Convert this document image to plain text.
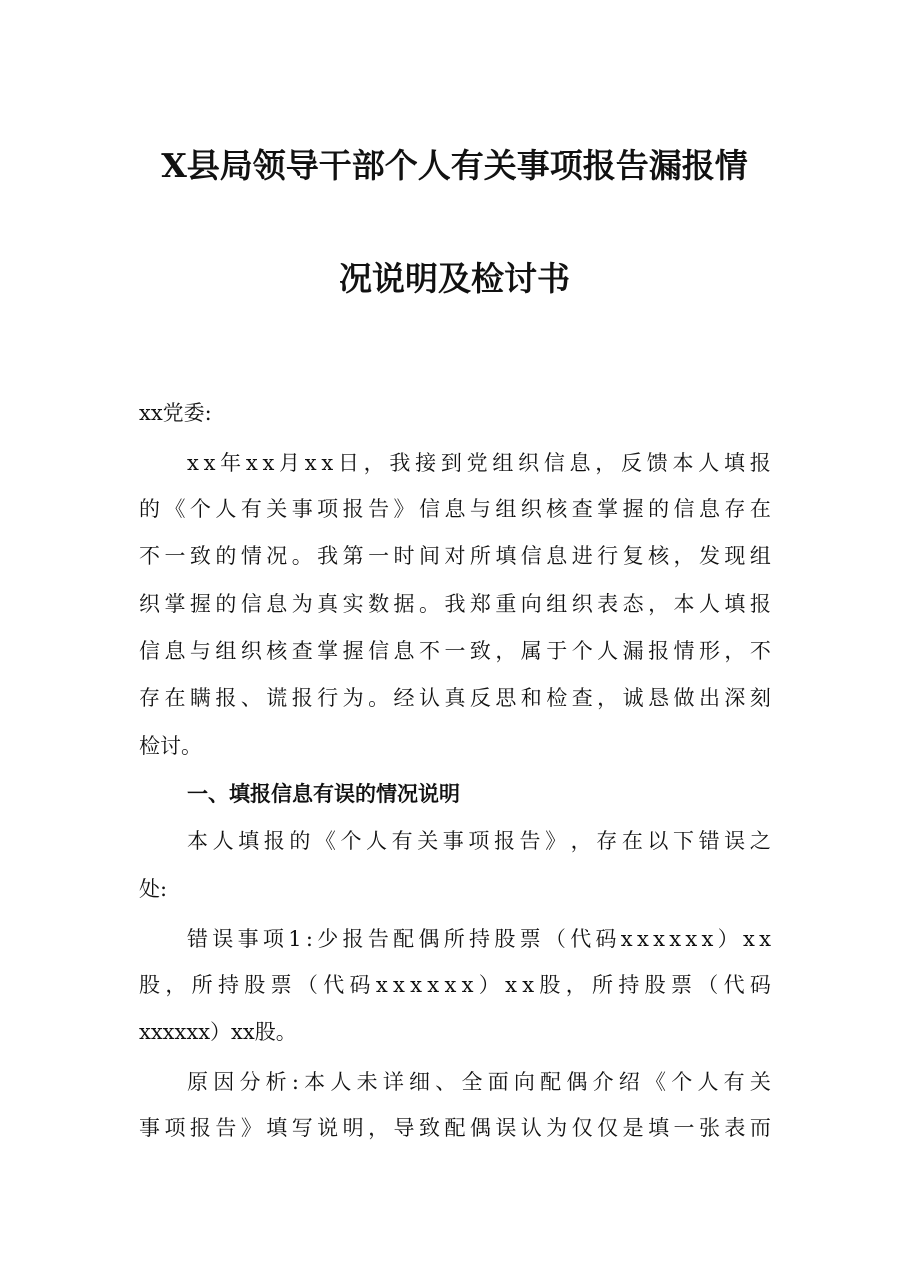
X县局领导干部个人有关事项报告漏报情
况说明及检讨书
xx党委:
x x 年 x x 月 x x 日 ， 我 接 到 党 组 织 信 息 ， 反 馈 本 人 填 报
的 《 个 人 有 关 事 项 报 告 》 信 息 与 组 织 核 查 掌 握 的 信 息 存 在
不 一 致 的 情 况 。 我 第 一 时 间 对 所 填 信 息 进 行 复 核 ， 发 现 组
织 掌 握 的 信 息 为 真 实 数 据 。 我 郑 重 向 组 织 表 态 ， 本 人 填 报
信 息 与 组 织 核 查 掌 握 信 息 不 一 致 ， 属 于 个 人 漏 报 情 形 ， 不
存 在 瞒 报 、 谎 报 行 为 。 经 认 真 反 思 和 检 查 ， 诚 恳 做 出 深 刻
检讨。
一、填报信息有误的情况说明
本 人 填 报 的 《 个 人 有 关 事 项 报 告 》 ， 存 在 以 下 错 误 之
处:
错 误 事 项 1 : 少 报 告 配 偶 所 持 股 票 （ 代 码 x x x x x x ） x x
股 ， 所 持 股 票 （ 代 码 x x x x x x ） x x 股 ， 所 持 股 票 （ 代 码
xxxxxx）xx股。
原 因 分 析 : 本 人 未 详 细 、 全 面 向 配 偶 介 绍 《 个 人 有 关
事 项 报 告 》 填 写 说 明 ， 导 致 配 偶 误 认 为 仅 仅 是 填 一 张 表 而
